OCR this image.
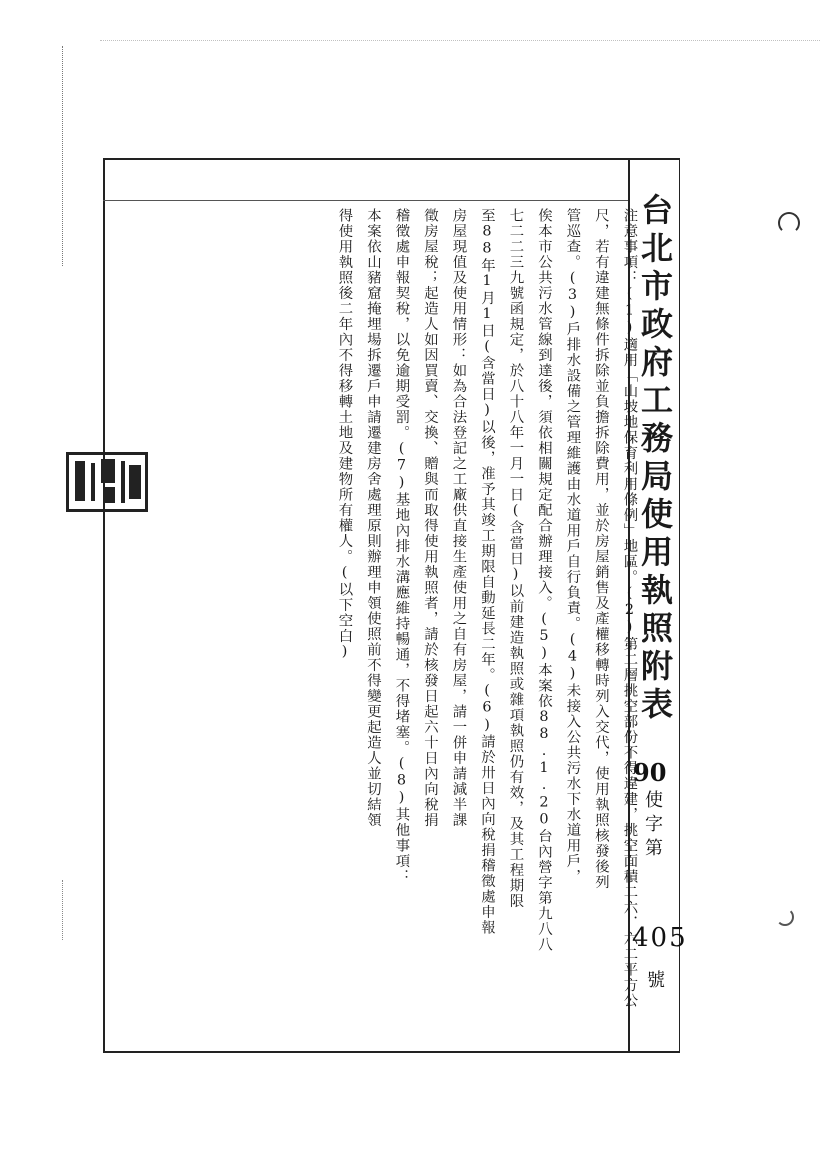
台北市政府工務局使用執照附表
90
使字第
405
號
注意事項：(1)適用「山坡地保育利用條例」地區。(2)第二層挑空部份不得違建，挑空面積二六．六二平方公
尺，若有違建無條件拆除並負擔拆除費用，並於房屋銷售及產權移轉時列入交代，使用執照核發後列
管巡查。(3)戶排水設備之管理維護由水道用戶自行負責。(4)未接入公共污水下水道用戶，
俟本市公共污水管線到達後，須依相關規定配合辦理接入。(5)本案依88.1.20台內營字第九八八
七二二三九號函規定，於八十八年一月一日(含當日)以前建造執照或雜項執照仍有效，及其工程期限
至88年1月1日(含當日)以後，准予其竣工期限自動延長二年。(6)請於卅日內向稅捐稽徵處申報
房屋現值及使用情形：如為合法登記之工廠供直接生產使用之自有房屋，請一併申請減半課
徵房屋稅；起造人如因買賣、交換、贈與而取得使用執照者，請於核發日起六十日內向稅捐
稽徵處申報契稅，以免逾期受罰。(7)基地內排水溝應維持暢通，不得堵塞。(8)其他事項：
本案依山豬窟掩埋場拆遷戶申請遷建房舍處理原則辦理申領使照前不得變更起造人並切結領
得使用執照後二年內不得移轉土地及建物所有權人。(以下空白)
